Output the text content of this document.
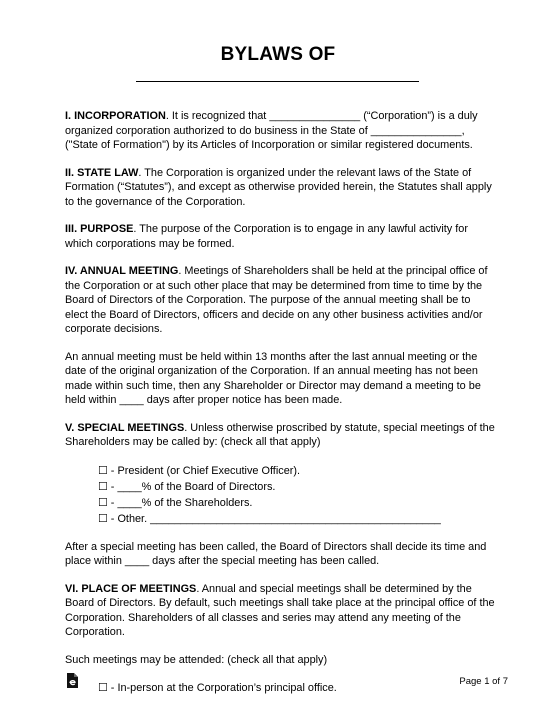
BYLAWS OF

I. INCORPORATION. It is recognized that _______________ (“Corporation”) is a duly organized corporation authorized to do business in the State of _______________, ("State of Formation") by its Articles of Incorporation or similar registered documents.

II. STATE LAW. The Corporation is organized under the relevant laws of the State of Formation (“Statutes”), and except as otherwise provided herein, the Statutes shall apply to the governance of the Corporation.

III. PURPOSE. The purpose of the Corporation is to engage in any lawful activity for which corporations may be formed.

IV. ANNUAL MEETING. Meetings of Shareholders shall be held at the principal office of the Corporation or at such other place that may be determined from time to time by the Board of Directors of the Corporation. The purpose of the annual meeting shall be to elect the Board of Directors, officers and decide on any other business activities and/or corporate decisions.

An annual meeting must be held within 13 months after the last annual meeting or the date of the original organization of the Corporation. If an annual meeting has not been made within such time, then any Shareholder or Director may demand a meeting to be held within ____ days after proper notice has been made.

V. SPECIAL MEETINGS. Unless otherwise proscribed by statute, special meetings of the Shareholders may be called by: (check all that apply)

☐ - President (or Chief Executive Officer).
☐ - ____% of the Board of Directors.
☐ - ____% of the Shareholders.
☐ - Other. ________________________________________________

After a special meeting has been called, the Board of Directors shall decide its time and place within ____ days after the special meeting has been called.

VI. PLACE OF MEETINGS. Annual and special meetings shall be determined by the Board of Directors. By default, such meetings shall take place at the principal office of the Corporation. Shareholders of all classes and series may attend any meeting of the Corporation.

Such meetings may be attended: (check all that apply)

☐ - In-person at the Corporation’s principal office.
Page 1 of 7
